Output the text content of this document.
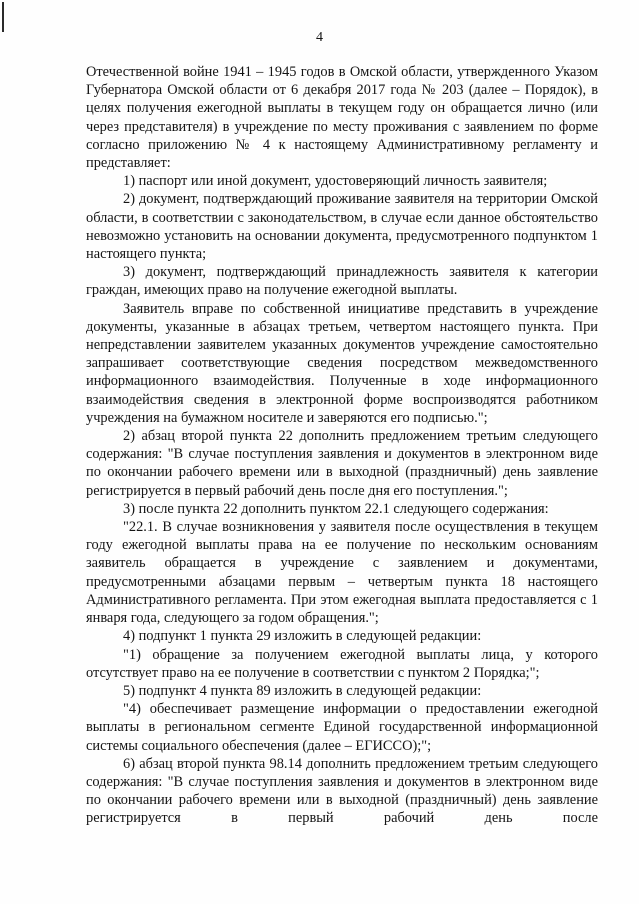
4

Отечественной войне 1941 – 1945 годов в Омской области, утвержденного Указом Губернатора Омской области от 6 декабря 2017 года № 203 (далее – Порядок), в целях получения ежегодной выплаты в текущем году он обращается лично (или через представителя) в учреждение по месту проживания с заявлением по форме согласно приложению № 4 к настоящему Административному регламенту и представляет:

1) паспорт или иной документ, удостоверяющий личность заявителя;

2) документ, подтверждающий проживание заявителя на территории Омской области, в соответствии с законодательством, в случае если данное обстоятельство невозможно установить на основании документа, предусмотренного подпунктом 1 настоящего пункта;

3) документ, подтверждающий принадлежность заявителя к категории граждан, имеющих право на получение ежегодной выплаты.

Заявитель вправе по собственной инициативе представить в учреждение документы, указанные в абзацах третьем, четвертом настоящего пункта. При непредставлении заявителем указанных документов учреждение самостоятельно запрашивает соответствующие сведения посредством межведомственного информационного взаимодействия. Полученные в ходе информационного взаимодействия сведения в электронной форме воспроизводятся работником учреждения на бумажном носителе и заверяются его подписью.";

2) абзац второй пункта 22 дополнить предложением третьим следующего содержания: "В случае поступления заявления и документов в электронном виде по окончании рабочего времени или в выходной (праздничный) день заявление регистрируется в первый рабочий день после дня его поступления.";

3) после пункта 22 дополнить пунктом 22.1 следующего содержания:

"22.1. В случае возникновения у заявителя после осуществления в текущем году ежегодной выплаты права на ее получение по нескольким основаниям заявитель обращается в учреждение с заявлением и документами, предусмотренными абзацами первым – четвертым пункта 18 настоящего Административного регламента. При этом ежегодная выплата предоставляется с 1 января года, следующего за годом обращения.";

4) подпункт 1 пункта 29 изложить в следующей редакции:

"1) обращение за получением ежегодной выплаты лица, у которого отсутствует право на ее получение в соответствии с пунктом 2 Порядка;";

5) подпункт 4 пункта 89 изложить в следующей редакции:

"4) обеспечивает размещение информации о предоставлении ежегодной выплаты в региональном сегменте Единой государственной информационной системы социального обеспечения (далее – ЕГИССО);";

6) абзац второй пункта 98.14 дополнить предложением третьим следующего содержания: "В случае поступления заявления и документов в электронном виде по окончании рабочего времени или в выходной (праздничный) день заявление регистрируется в первый рабочий день после
